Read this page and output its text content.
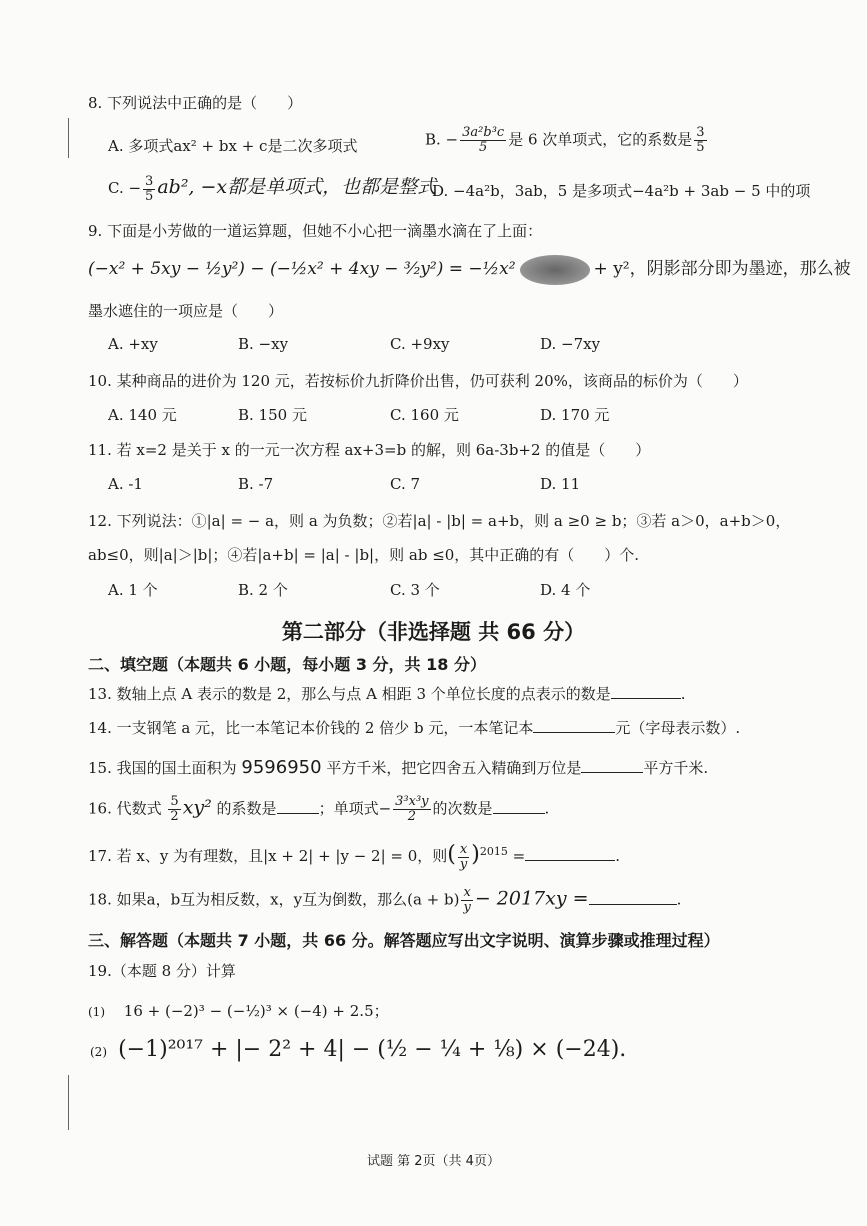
8. 下列说法中正确的是（　　）
A. 多项式ax² + bx + c是二次多项式	B. − $\frac{\text{3a²b³c}}{5}$ 是 6 次单项式，它的系数是 $\frac{3}{5}$
C. − $\frac{3}{5} ab^2$, −x都是单项式，也都是整式
D. −4a²b，3ab，5 是多项式−4a²b + 3ab − 5 中的项
9. 下面是小芳做的一道运算题，但她不小心把一滴墨水滴在了上面：
(−x² + 5xy − ½y²) − (−½x² + 4xy − ³⁄₂y²) = −½x²	+ y²，阴影部分即为墨迹，那么被
墨水遮住的一项应是（　　）
A. +xy	B. −xy	C. +9xy	D. −7xy
10. 某种商品的进价为 120 元，若按标价九折降价出售，仍可获利 20%，该商品的标价为（　　）
A. 140 元	B. 150 元	C. 160 元	D. 170 元
11. 若 x=2 是关于 x 的一元一次方程 ax+3=b 的解，则 6a-3b+2 的值是（　　）
A. -1	B. -7	C. 7	D. 11
12. 下列说法：①|a| = − a，则 a 为负数；②若|a| - |b| = a+b，则 a ≥0 ≥ b；③若 a＞0，a+b＞0，
ab≤0，则|a|＞|b|；④若|a+b| = |a| - |b|，则 ab ≤0，其中正确的有（　　）个.
A. 1 个	B. 2 个	C. 3 个	D. 4 个
第二部分（非选择题 共 66 分）
二、填空题（本题共 6 小题，每小题 3 分，共 18 分）
13. 数轴上点 A 表示的数是 2，那么与点 A 相距 3 个单位长度的点表示的数是	.
14. 一支钢笔 a 元，比一本笔记本价钱的 2 倍少 b 元，一本笔记本	元（字母表示数）.
15. 我国的国土面积为 9596950 平方千米，把它四舍五入精确到万位是	平方千米.
16. 代数式 $\frac{5}{2} xy^2$ 的系数是	；单项式− $\frac{\text{3³x³y}}{2}$ 的次数是	.
17. 若 x、y 为有理数，且|x + 2| + |y − 2| = 0，则( $\frac{x}{y} )^{2015}$ =	.
18. 如果a，b互为相反数，x，y互为倒数，那么$(a + b) \frac{x}{y} - 2017xy$ =	.
三、解答题（本题共 7 小题，共 66 分。解答题应写出文字说明、演算步骤或推理过程）
19.（本题 8 分）计算
(1) 16 + (−2)³ − (−½)³ × (−4) + 2.5；
(2) (−1)²⁰¹⁷ + |− 2² + 4| − (½ − ¼ + ⅛) × (−24).
试题 第 2页（共 4页）
